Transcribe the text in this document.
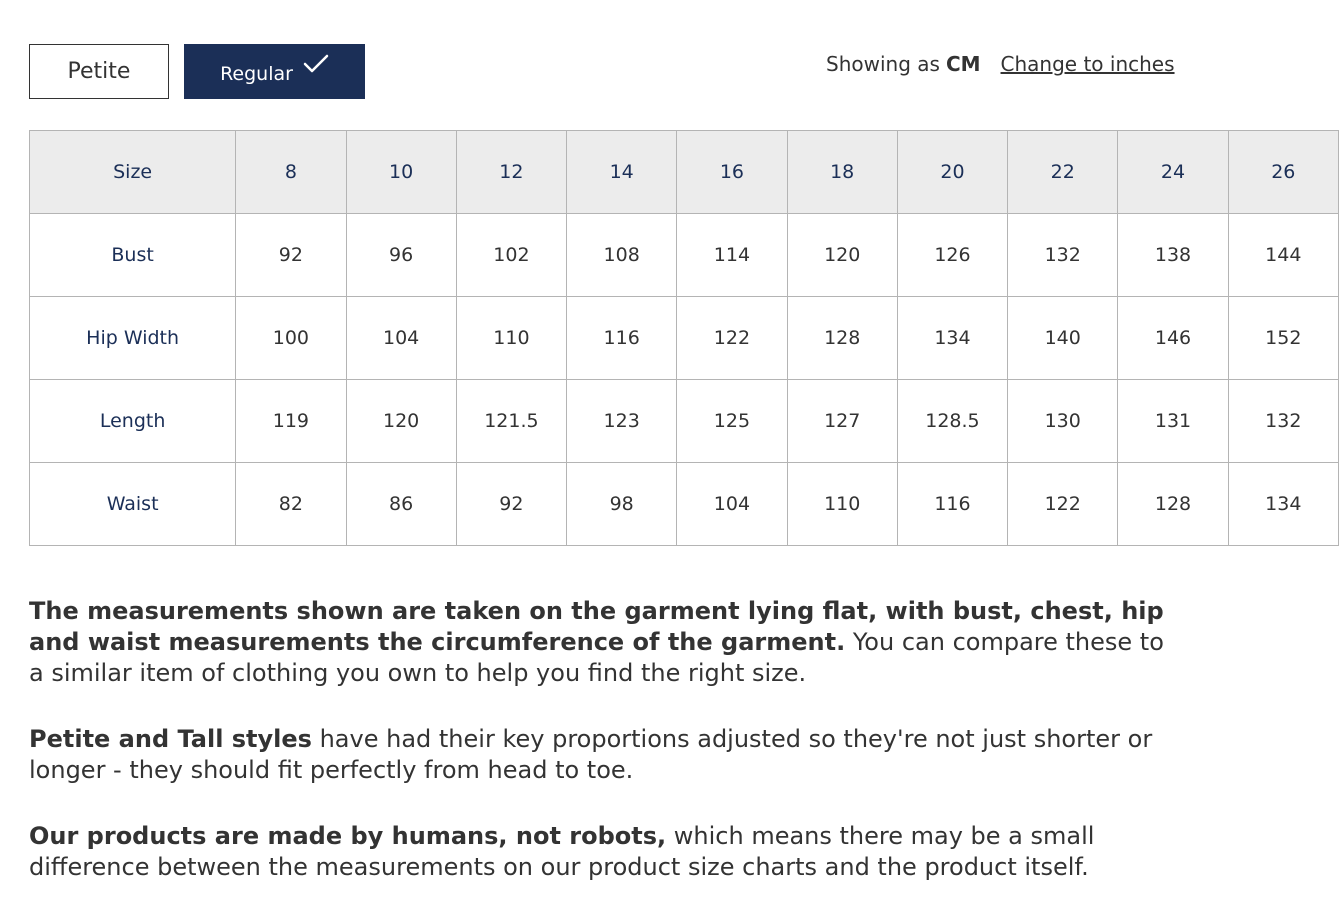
Petite	Regular	Showing as CM Change to inches
Size	8	10	12	14	16	18	20	22	24	26
Bust	92	96	102	108	114	120	126	132	138	144
Hip Width	100	104	110	116	122	128	134	140	146	152
Length	119	120	121.5	123	125	127	128.5	130	131	132
Waist	82	86	92	98	104	110	116	122	128	134

The measurements shown are taken on the garment lying flat, with bust, chest, hip and waist measurements the circumference of the garment. You can compare these to a similar item of clothing you own to help you find the right size.

Petite and Tall styles have had their key proportions adjusted so they're not just shorter or longer - they should fit perfectly from head to toe.

Our products are made by humans, not robots, which means there may be a small difference between the measurements on our product size charts and the product itself.
